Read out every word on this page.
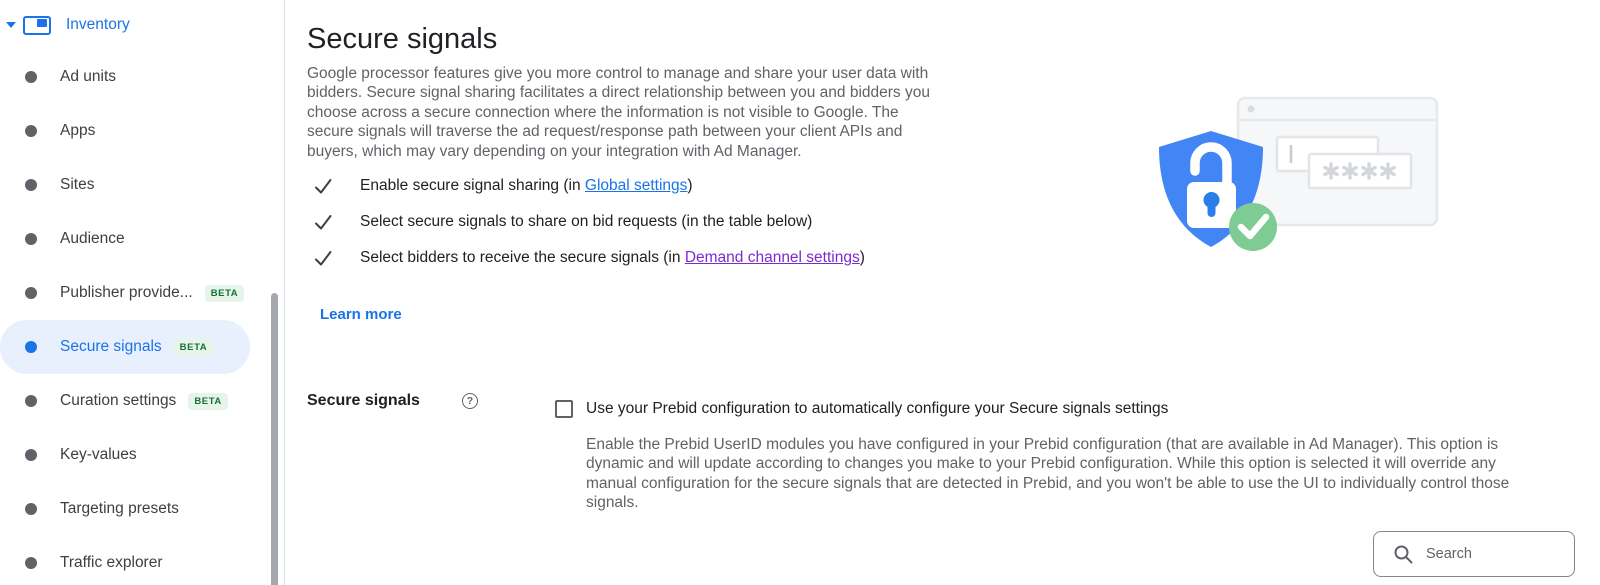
Inventory
Ad units
Apps
Sites
Audience
Publisher provide...	BETA
Secure signals	BETA
Curation settings	BETA
Key-values
Targeting presets
Traffic explorer
Secure signals

Google processor features give you more control to manage and share your user data with bidders. Secure signal sharing facilitates a direct relationship between you and bidders you choose across a secure connection where the information is not visible to Google. The secure signals will traverse the ad request/response path between your client APIs and buyers, which may vary depending on your integration with Ad Manager.

Enable secure signal sharing (in Global settings)
Select secure signals to share on bid requests (in the table below)
Select bidders to receive the secure signals (in Demand channel settings)
Learn more
Secure signals	?	Use your Prebid configuration to automatically configure your Secure signals settings

Enable the Prebid UserID modules you have configured in your Prebid configuration (that are available in Ad Manager). This option is dynamic and will update according to changes you make to your Prebid configuration. While this option is selected it will override any manual configuration for the secure signals that are detected in Prebid, and you won't be able to use the UI to individually control those signals.

Search
